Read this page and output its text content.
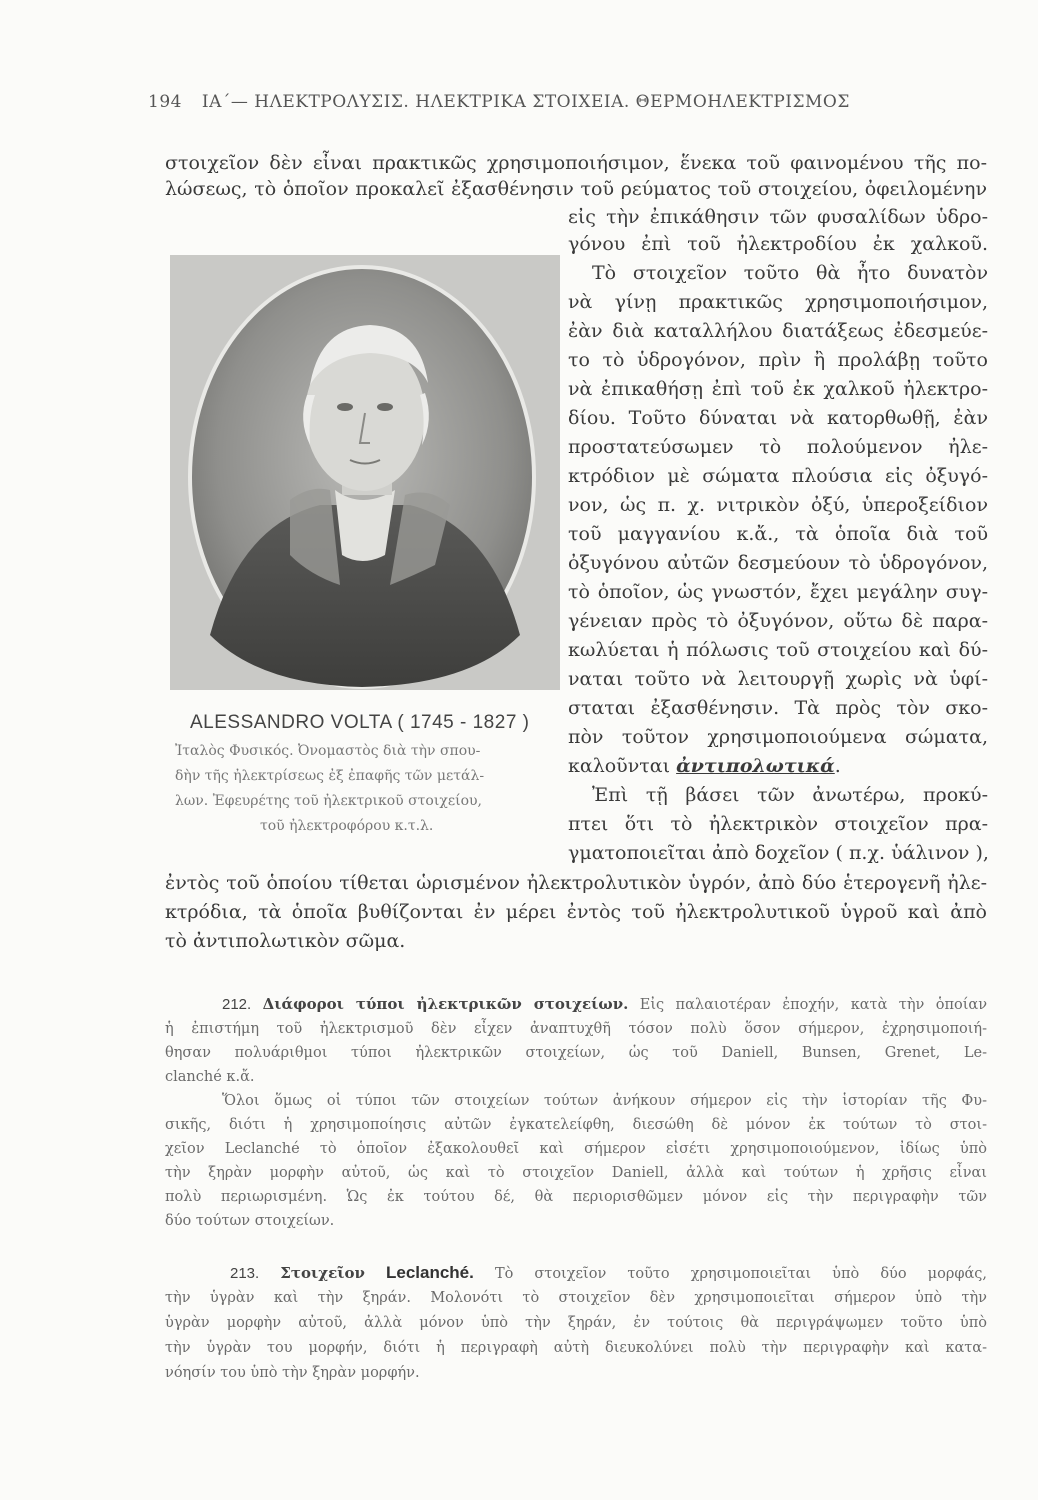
194 ΙΑ΄— ΗΛΕΚΤΡΟΛΥΣΙΣ. ΗΛΕΚΤΡΙΚΑ ΣΤΟΙΧΕΙΑ. ΘΕΡΜΟΗΛΕΚΤΡΙΣΜΟΣ
στοιχεῖον δὲν εἶναι πρακτικῶς χρησιμοποιήσιμον, ἕνεκα τοῦ φαινομένου τῆς πο-
λώσεως, τὸ ὁποῖον προκαλεῖ ἐξασθένησιν τοῦ ρεύματος τοῦ στοιχείου, ὀφειλομένην
εἰς τὴν ἐπικάθησιν τῶν φυσαλίδων ὑδρο-
γόνου ἐπὶ τοῦ ἠλεκτροδίου ἐκ χαλκοῦ.
Τὸ στοιχεῖον τοῦτο θὰ ἦτο δυνατὸν
νὰ γίνῃ πρακτικῶς χρησιμοποιήσιμον,
ἐὰν διὰ καταλλήλου διατάξεως ἐδεσμεύε-
το τὸ ὑδρογόνον, πρὶν ἢ προλάβῃ τοῦτο
νὰ ἐπικαθήσῃ ἐπὶ τοῦ ἐκ χαλκοῦ ἠλεκτρο-
δίου. Τοῦτο δύναται νὰ κατορθωθῇ, ἐὰν
προστατεύσωμεν τὸ πολούμενον ἠλε-
κτρόδιον μὲ σώματα πλούσια εἰς ὀξυγό-
νον, ὡς π. χ. νιτρικὸν ὀξύ, ὑπεροξείδιον
τοῦ μαγγανίου κ.ἄ., τὰ ὁποῖα διὰ τοῦ
ὀξυγόνου αὐτῶν δεσμεύουν τὸ ὑδρογόνον,
τὸ ὁποῖον, ὡς γνωστόν, ἔχει μεγάλην συγ-
γένειαν πρὸς τὸ ὀξυγόνον, οὕτω δὲ παρα-
κωλύεται ἡ πόλωσις τοῦ στοιχείου καὶ δύ-
ναται τοῦτο νὰ λειτουργῇ χωρὶς νὰ ὑφί-
σταται ἐξασθένησιν. Τὰ πρὸς τὸν σκο-
πὸν τοῦτον χρησιμοποιούμενα σώματα,
καλοῦνται ἀντιπολωτικά.
Ἐπὶ τῇ βάσει τῶν ἀνωτέρω, προκύ-
πτει ὅτι τὸ ἠλεκτρικὸν στοιχεῖον πρα-
γματοποιεῖται ἀπὸ δοχεῖον ( π.χ. ὑάλινον ),
ALESSANDRO VOLTA ( 1745 - 1827 )
Ἰταλὸς Φυσικός. Ὀνομαστὸς διὰ τὴν σπου-
δὴν τῆς ἠλεκτρίσεως ἐξ ἐπαφῆς τῶν μετάλ-
λων. Ἐφευρέτης τοῦ ἠλεκτρικοῦ στοιχείου,
τοῦ ἠλεκτροφόρου κ.τ.λ.
ἐντὸς τοῦ ὁποίου τίθεται ὡρισμένον ἠλεκτρολυτικὸν ὑγρόν, ἀπὸ δύο ἑτερογενῆ ἠλε-
κτρόδια, τὰ ὁποῖα βυθίζονται ἐν μέρει ἐντὸς τοῦ ἠλεκτρολυτικοῦ ὑγροῦ καὶ ἀπὸ
τὸ ἀντιπολωτικὸν σῶμα.
212. Διάφοροι τύποι ἠλεκτρικῶν στοιχείων. Εἰς παλαιοτέραν ἐποχήν, κατὰ τὴν ὁποίαν
ἡ ἐπιστήμη τοῦ ἠλεκτρισμοῦ δὲν εἶχεν ἀναπτυχθῆ τόσον πολὺ ὅσον σήμερον, ἐχρησιμοποιή-
θησαν πολυάριθμοι τύποι ἠλεκτρικῶν στοιχείων, ὡς τοῦ Daniell, Bunsen, Grenet, Le-
clanché κ.ἄ.
Ὅλοι ὅμως οἱ τύποι τῶν στοιχείων τούτων ἀνήκουν σήμερον εἰς τὴν ἱστορίαν τῆς Φυ-
σικῆς, διότι ἡ χρησιμοποίησις αὐτῶν ἐγκατελείφθη, διεσώθη δὲ μόνον ἐκ τούτων τὸ στοι-
χεῖον Leclanché τὸ ὁποῖον ἐξακολουθεῖ καὶ σήμερον εἰσέτι χρησιμοποιούμενον, ἰδίως ὑπὸ
τὴν ξηρὰν μορφὴν αὐτοῦ, ὡς καὶ τὸ στοιχεῖον Daniell, ἀλλὰ καὶ τούτων ἡ χρῆσις εἶναι
πολὺ περιωρισμένη. Ὡς ἐκ τούτου δέ, θὰ περιορισθῶμεν μόνον εἰς τὴν περιγραφὴν τῶν
δύο τούτων στοιχείων.
213. Στοιχεῖον Leclanché. Τὸ στοιχεῖον τοῦτο χρησιμοποιεῖται ὑπὸ δύο μορφάς,
τὴν ὑγρὰν καὶ τὴν ξηράν. Μολονότι τὸ στοιχεῖον δὲν χρησιμοποιεῖται σήμερον ὑπὸ τὴν
ὑγρὰν μορφὴν αὐτοῦ, ἀλλὰ μόνον ὑπὸ τὴν ξηράν, ἐν τούτοις θὰ περιγράψωμεν τοῦτο ὑπὸ
τὴν ὑγρὰν του μορφήν, διότι ἡ περιγραφὴ αὐτὴ διευκολύνει πολὺ τὴν περιγραφὴν καὶ κατα-
νόησίν του ὑπὸ τὴν ξηρὰν μορφήν.
